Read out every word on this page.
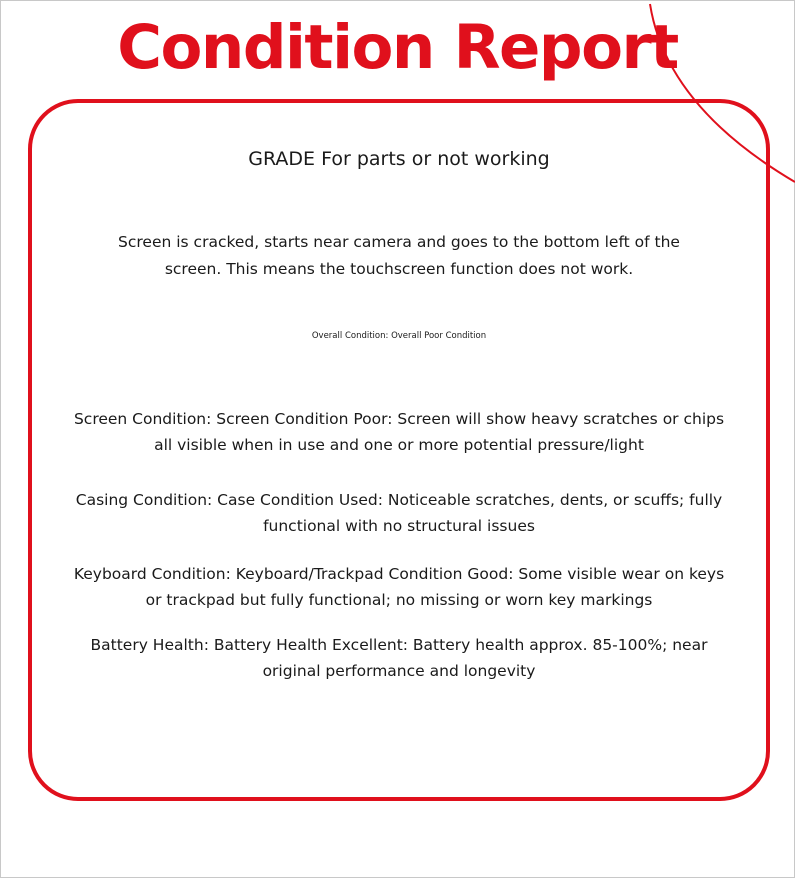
Condition Report
GRADE For parts or not working
Screen is cracked, starts near camera and goes to the bottom left of the screen. This means the touchscreen function does not work.
Overall Condition: Overall Poor Condition
Screen Condition: Screen Condition Poor: Screen will show heavy scratches or chips all visible when in use and one or more potential pressure/light
Casing Condition: Case Condition Used: Noticeable scratches, dents, or scuffs; fully functional with no structural issues
Keyboard Condition: Keyboard/Trackpad Condition Good: Some visible wear on keys or trackpad but fully functional; no missing or worn key markings
Battery Health: Battery Health Excellent: Battery health approx. 85-100%; near original performance and longevity
